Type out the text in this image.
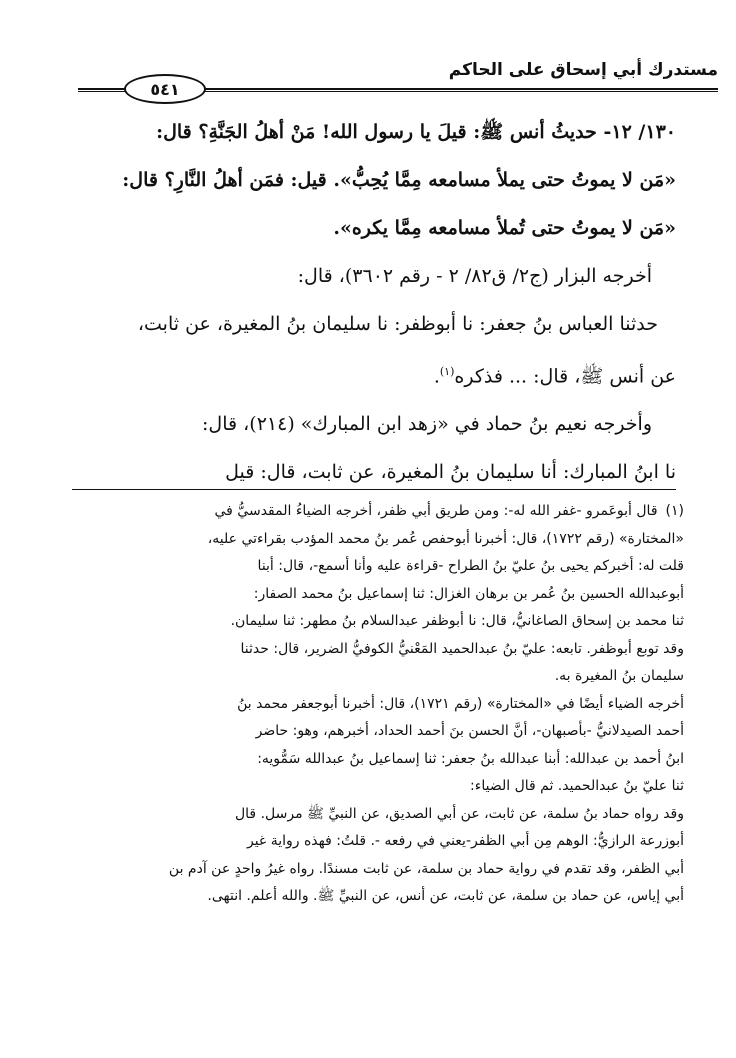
مستدرك أبي إسحاق على الحاكم
٥٤١

١٣٠/ ١٢- حديثُ أنس ﷺ: قيلَ يا رسول الله! مَنْ أهلُ الجَنَّةِ؟ قال:

«مَن لا يموتُ حتى يملأ مسامعه مِمَّا يُحِبُّ». قيل: فمَن أهلُ النَّارِ؟ قال:

«مَن لا يموتُ حتى تُملأ مسامعه مِمَّا يكره».

أخرجه البزار (ج٢/ ق٨٢/ ٢ - رقم ٣٦٠٢)، قال:

حدثنا العباس بنُ جعفر: نا أبوظفر: نا سليمان بنُ المغيرة، عن ثابت،

عن أنس ﷺ، قال: ... فذكره$^{(١)}$.

وأخرجه نعيم بنُ حماد في «زهد ابن المبارك» (٢١٤)، قال:

نا ابنُ المبارك: أنا سليمان بنُ المغيرة، عن ثابت، قال: قيل

(١)قال أبوعَمرو -غفر الله له-: ومن طريق أبي ظفر، أخرجه الضياءُ المقدسيُّ في

«المختارة» (رقم ١٧٢٢)، قال: أخبرنا أبوحفص عُمر بنُ محمد المؤدب بقراءتي عليه،

قلت له: أخبركم يحيى بنُ عليّ بنُ الطراح -قراءة عليه وأنا أسمع-، قال: أبنا

أبوعبدالله الحسين بنُ عُمر بن برهان الغزال: ثنا إسماعيل بنُ محمد الصفار:

ثنا محمد بن إسحاق الصاغانيُّ، قال: نا أبوظفر عبدالسلام بنُ مطهر: ثنا سليمان.

وقد توبع أبوظفر. تابعه: عليّ بنُ عبدالحميد المَعْنيُّ الكوفيُّ الضرير، قال: حدثنا

سليمان بنُ المغيرة به.

أخرجه الضياء أيضًا في «المختارة» (رقم ١٧٢١)، قال: أخبرنا أبوجعفر محمد بنُ

أحمد الصيدلانيُّ -بأصبهان-، أنَّ الحسن بنَ أحمد الحداد، أخبرهم، وهو: حاضر

ابنُ أحمد بن عبدالله: أبنا عبدالله بنُ جعفر: ثنا إسماعيل بنُ عبدالله سَمُّويه:

ثنا عليّ بنُ عبدالحميد. ثم قال الضياء:

وقد رواه حماد بنُ سلمة، عن ثابت، عن أبي الصديق، عن النبيِّ ﷺ مرسل. قال

أبوزرعة الرازيُّ: الوهم مِن أبي الظفر-يعني في رفعه -. قلتُ: فهذه رواية غير

أبي الظفر، وقد تقدم في رواية حماد بن سلمة، عن ثابت مسندًا. رواه غيرُ واحدٍ عن آدم بن

أبي إياس، عن حماد بن سلمة، عن ثابت، عن أنس، عن النبيِّ ﷺ. والله أعلم. انتهى.
